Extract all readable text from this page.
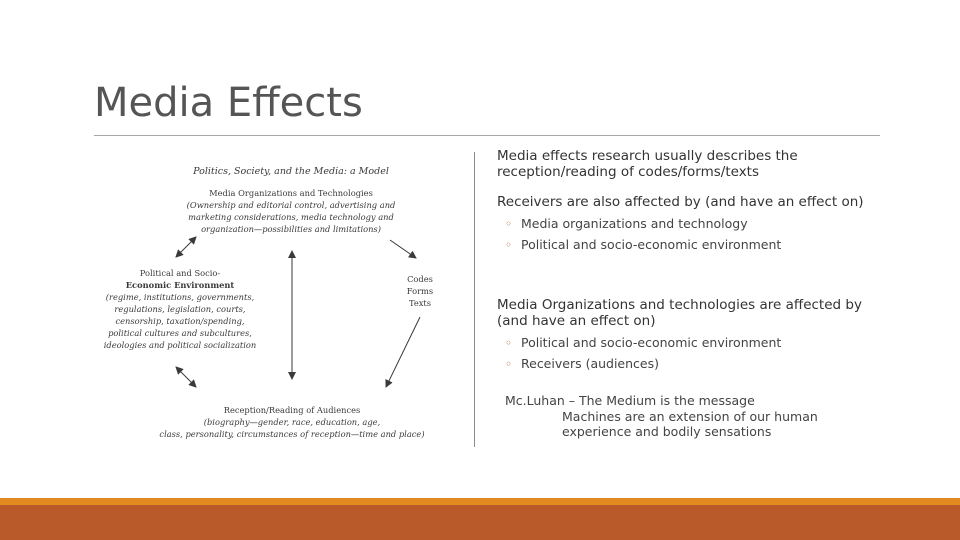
Media Effects
Politics, Society, and the Media: a Model
Media Organizations and Technologies
(Ownership and editorial control, advertising and
marketing considerations, media technology and
organization—possibilities and limitations)
Political and Socio-
Economic Environment
(regime, institutions, governments,
regulations, legislation, courts,
censorship, taxation/spending,
political cultures and subcultures,
ideologies and political socialization
Codes
Forms
Texts
Reception/Reading of Audiences
(biography—gender, race, education, age,
class, personality, circumstances of reception—time and place)

Media effects research usually describes the reception/reading of codes/forms/texts

Receivers are also affected by (and have an effect on)

◦ Media organizations and technology
◦ Political and socio-economic environment

Media Organizations and technologies are affected by (and have an effect on)

◦ Political and socio-economic environment
◦ Receivers (audiences)
Mc.Luhan – The Medium is the message
Machines are an extension of our human experience and bodily sensations
